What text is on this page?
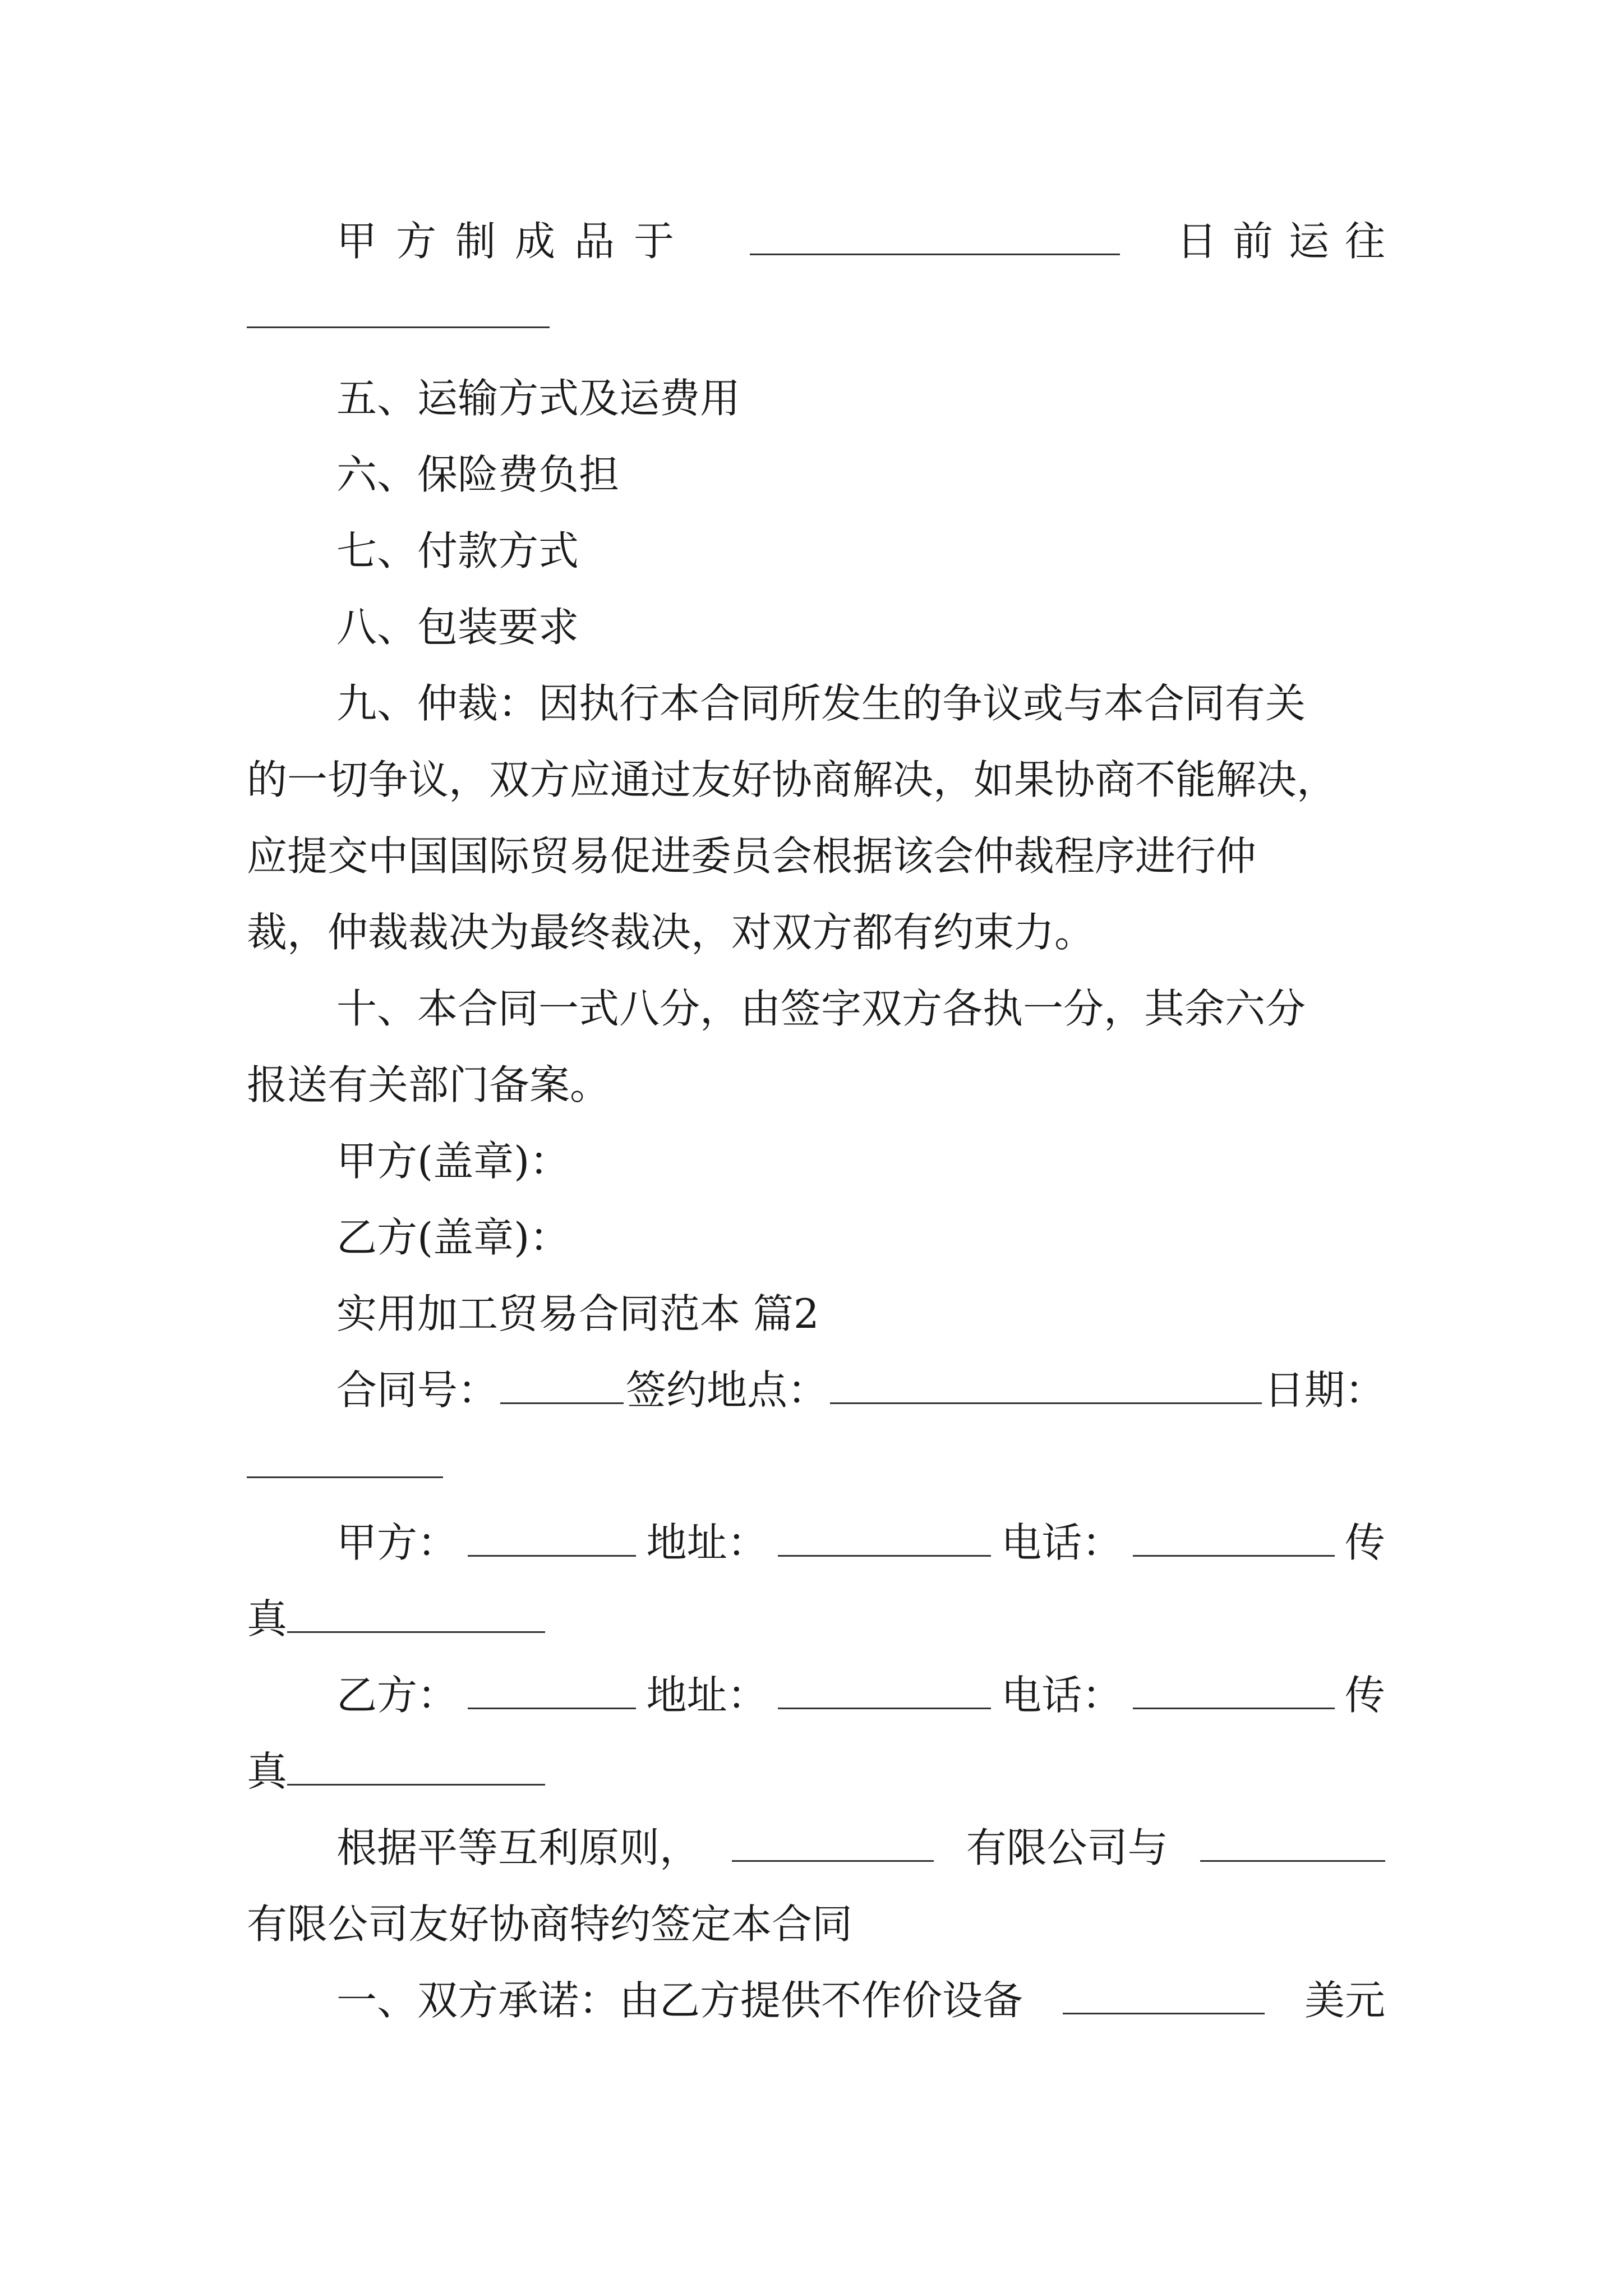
甲方制成品于	日前运往
五、运输方式及运费用
六、保险费负担
七、付款方式
八、包装要求
九、仲裁：因执行本合同所发生的争议或与本合同有关
的一切争议，双方应通过友好协商解决，如果协商不能解决，
应提交中国国际贸易促进委员会根据该会仲裁程序进行仲
裁，仲裁裁决为最终裁决，对双方都有约束力。
十、本合同一式八分，由签字双方各执一分，其余六分
报送有关部门备案。
甲方(盖章)：
乙方(盖章)：
实用加工贸易合同范本 篇2
合同号：	签约地点：	日期：
甲方：	地址：	电话：	传
真
乙方：	地址：	电话：	传
真
根据平等互利原则，	有限公司与
有限公司友好协商特约签定本合同
一、双方承诺：由乙方提供不作价设备	美元
